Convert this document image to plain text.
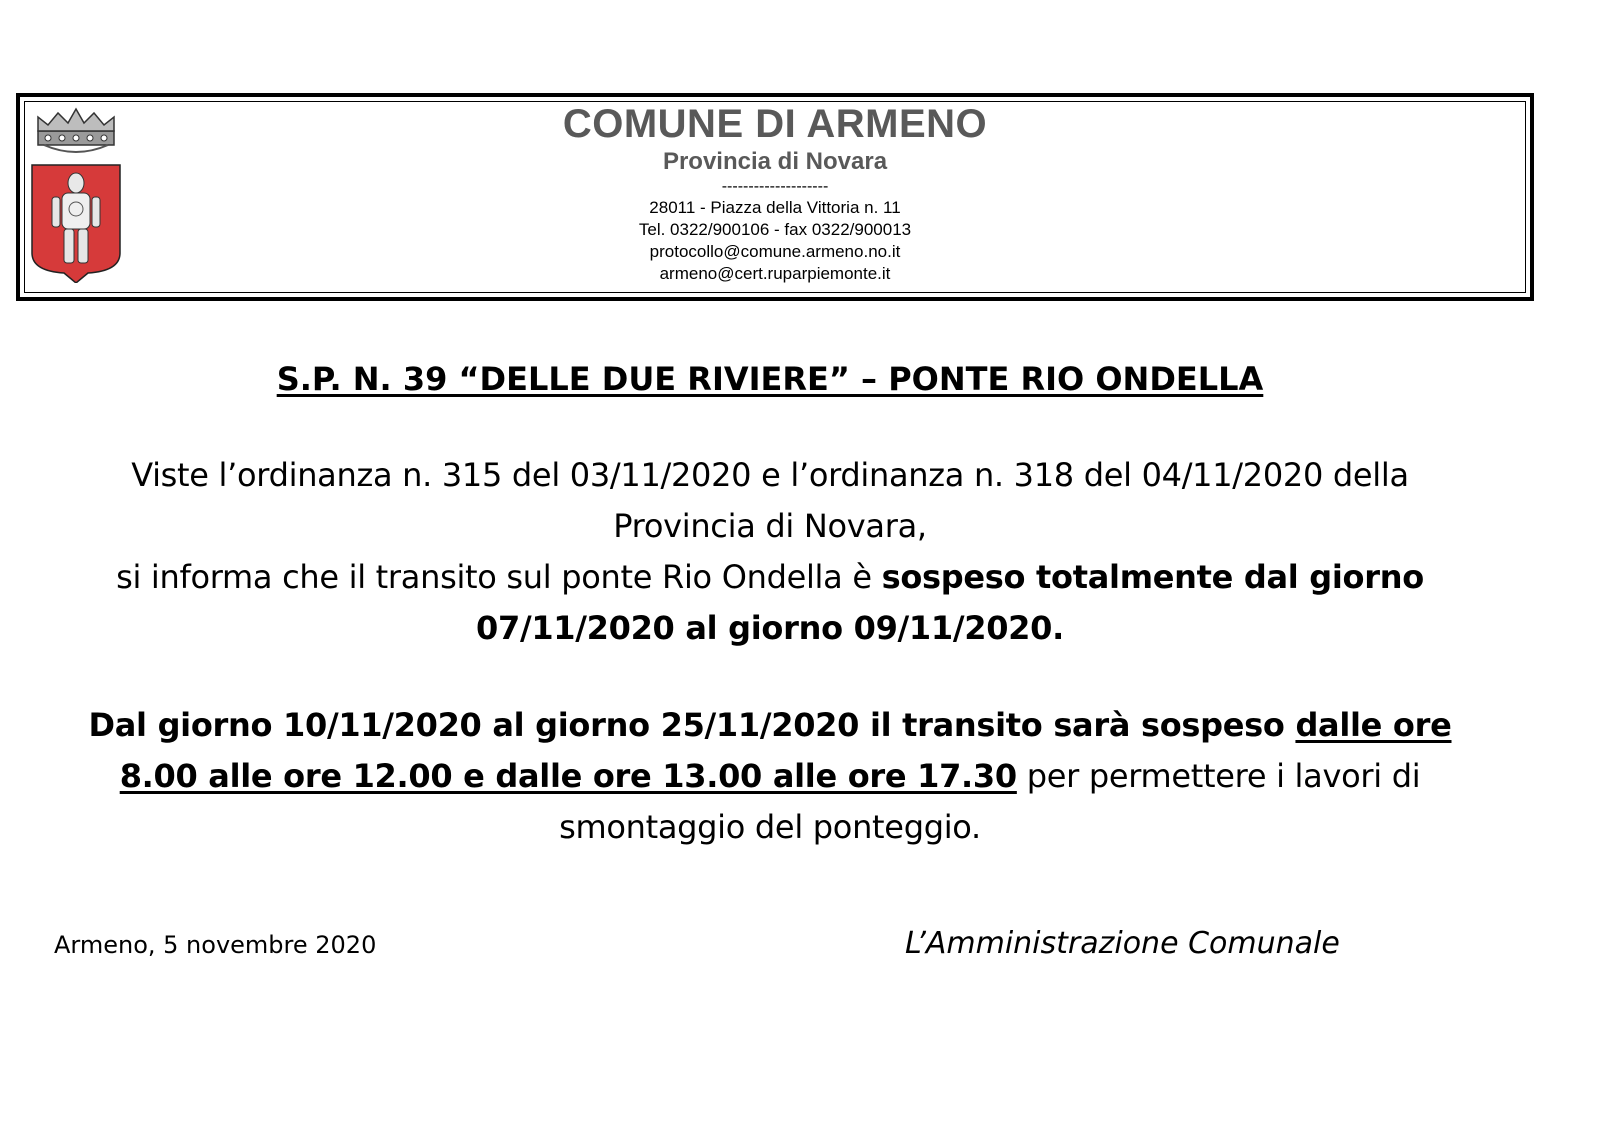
COMUNE DI ARMENO
Provincia di Novara
--------------------
28011 - Piazza della Vittoria n. 11
Tel. 0322/900106 - fax 0322/900013
protocollo@comune.armeno.no.it
armeno@cert.ruparpiemonte.it
S.P. N. 39 “DELLE DUE RIVIERE” – PONTE RIO ONDELLA
Viste l’ordinanza n. 315 del 03/11/2020 e l’ordinanza n. 318 del 04/11/2020 della Provincia di Novara,
si informa che il transito sul ponte Rio Ondella è sospeso totalmente dal giorno 07/11/2020 al giorno 09/11/2020.
Dal giorno 10/11/2020 al giorno 25/11/2020 il transito sarà sospeso dalle ore 8.00 alle ore 12.00 e dalle ore 13.00 alle ore 17.30 per permettere i lavori di smontaggio del ponteggio.
Armeno, 5 novembre 2020	L’Amministrazione Comunale
